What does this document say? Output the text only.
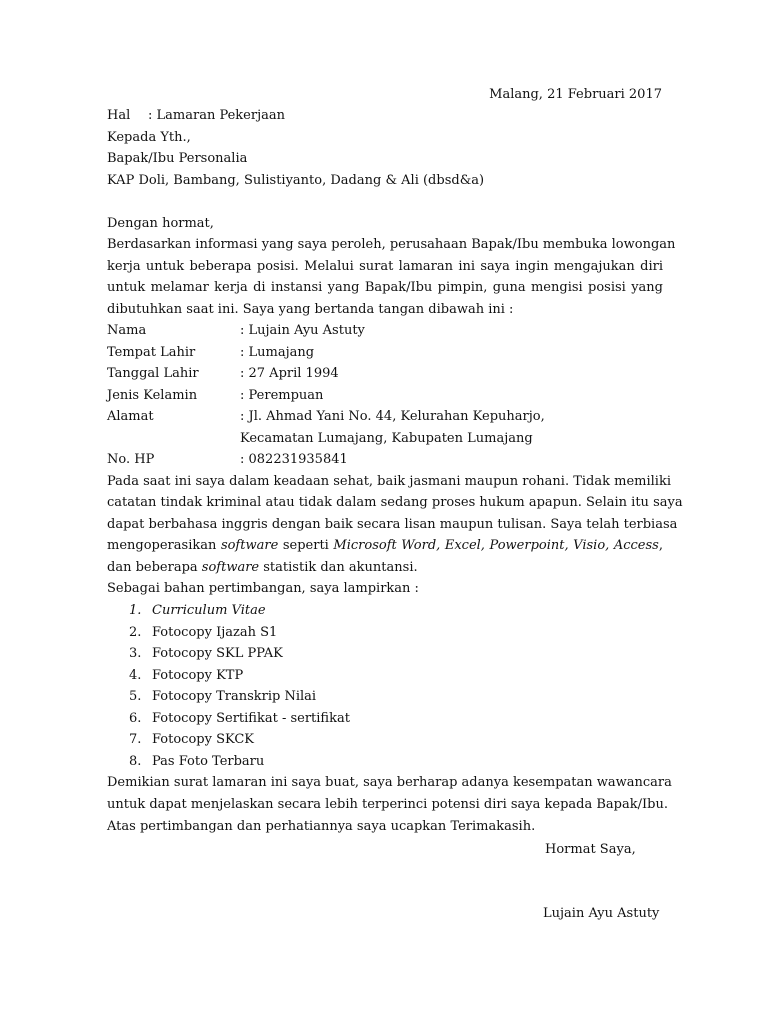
Malang, 21 Februari 2017
Hal : Lamaran Pekerjaan
Kepada Yth.,
Bapak/Ibu Personalia
KAP Doli, Bambang, Sulistiyanto, Dadang & Ali (dbsd&a)
Dengan hormat,
Berdasarkan informasi yang saya peroleh, perusahaan Bapak/Ibu membuka lowongan
kerja untuk beberapa posisi. Melalui surat lamaran ini saya ingin mengajukan diri
untuk melamar kerja di instansi yang Bapak/Ibu pimpin, guna mengisi posisi yang
dibutuhkan saat ini. Saya yang bertanda tangan dibawah ini :
Nama	: Lujain Ayu Astuty
Tempat Lahir	: Lumajang
Tanggal Lahir	: 27 April 1994
Jenis Kelamin	: Perempuan
Alamat	: Jl. Ahmad Yani No. 44, Kelurahan Kepuharjo,
Kecamatan Lumajang, Kabupaten Lumajang
No. HP	: 082231935841
Pada saat ini saya dalam keadaan sehat, baik jasmani maupun rohani. Tidak memiliki
catatan tindak kriminal atau tidak dalam sedang proses hukum apapun. Selain itu saya
dapat berbahasa inggris dengan baik secara lisan maupun tulisan. Saya telah terbiasa
mengoperasikan software seperti Microsoft Word, Excel, Powerpoint, Visio, Access,
dan beberapa software statistik dan akuntansi.
Sebagai bahan pertimbangan, saya lampirkan :
1. Curriculum Vitae
2. Fotocopy Ijazah S1
3. Fotocopy SKL PPAK
4. Fotocopy KTP
5. Fotocopy Transkrip Nilai
6. Fotocopy Sertifikat - sertifikat
7. Fotocopy SKCK
8. Pas Foto Terbaru
Demikian surat lamaran ini saya buat, saya berharap adanya kesempatan wawancara
untuk dapat menjelaskan secara lebih terperinci potensi diri saya kepada Bapak/Ibu.
Atas pertimbangan dan perhatiannya saya ucapkan Terimakasih.
Hormat Saya,
Lujain Ayu Astuty
